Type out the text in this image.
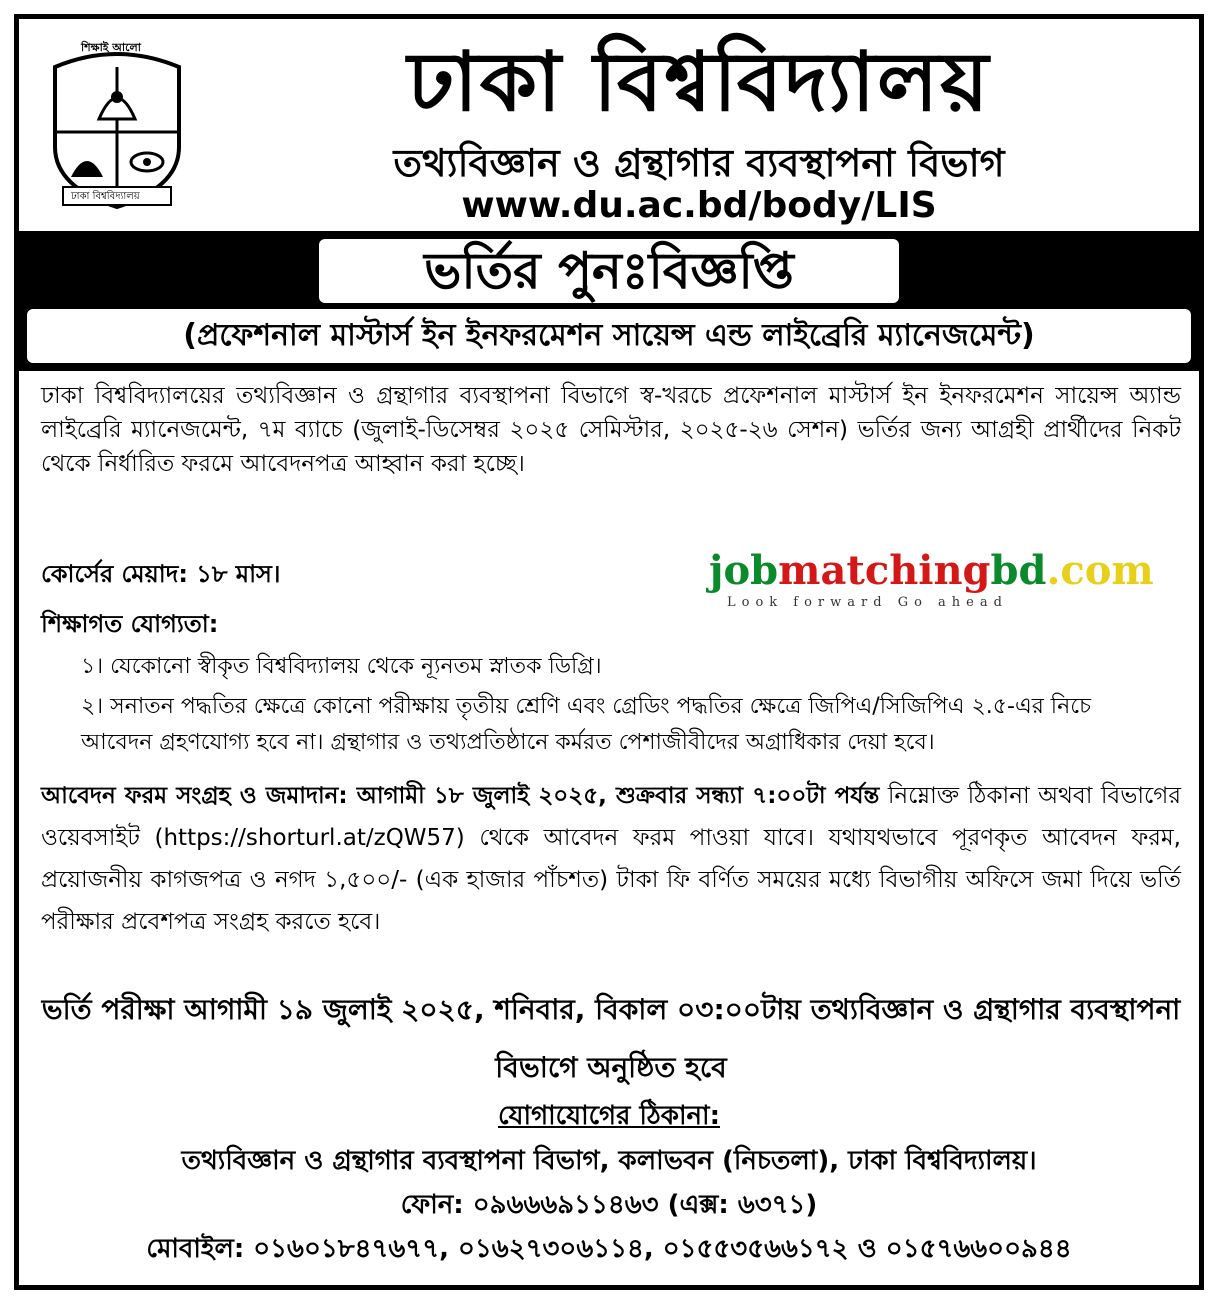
শিক্ষাই আলো
ঢাকা বিশ্ববিদ্যালয়
ঢাকা বিশ্ববিদ্যালয়
তথ্যবিজ্ঞান ও গ্রন্থাগার ব্যবস্থাপনা বিভাগ
www.du.ac.bd/body/LIS
ভর্তির পুনঃবিজ্ঞপ্তি
(প্রফেশনাল মাস্টার্স ইন ইনফরমেশন সায়েন্স এন্ড লাইব্রেরি ম্যানেজমেন্ট)
ঢাকা বিশ্ববিদ্যালয়ের তথ্যবিজ্ঞান ও গ্রন্থাগার ব্যবস্থাপনা বিভাগে স্ব-খরচে প্রফেশনাল মাস্টার্স ইন ইনফরমেশন সায়েন্স অ্যান্ড লাইব্রেরি ম্যানেজমেন্ট, ৭ম ব্যাচে (জুলাই-ডিসেম্বর ২০২৫ সেমিস্টার, ২০২৫-২৬ সেশন) ভর্তির জন্য আগ্রহী প্রার্থীদের নিকট থেকে নির্ধারিত ফরমে আবেদনপত্র আহ্বান করা হচ্ছে।
কোর্সের মেয়াদ: ১৮ মাস।	jobmatchingbd.com
Look forward Go ahead
শিক্ষাগত যোগ্যতা:
১। যেকোনো স্বীকৃত বিশ্ববিদ্যালয় থেকে ন্যূনতম স্নাতক ডিগ্রি।
২। সনাতন পদ্ধতির ক্ষেত্রে কোনো পরীক্ষায় তৃতীয় শ্রেণি এবং গ্রেডিং পদ্ধতির ক্ষেত্রে জিপিএ/সিজিপিএ ২.৫-এর নিচে আবেদন গ্রহণযোগ্য হবে না। গ্রন্থাগার ও তথ্যপ্রতিষ্ঠানে কর্মরত পেশাজীবীদের অগ্রাধিকার দেয়া হবে।
আবেদন ফরম সংগ্রহ ও জমাদান: আগামী ১৮ জুলাই ২০২৫, শুক্রবার সন্ধ্যা ৭:০০টা পর্যন্ত নিম্নোক্ত ঠিকানা অথবা বিভাগের ওয়েবসাইট (https://shorturl.at/zQW57) থেকে আবেদন ফরম পাওয়া যাবে। যথাযথভাবে পূরণকৃত আবেদন ফরম, প্রয়োজনীয় কাগজপত্র ও নগদ ১,৫০০/- (এক হাজার পাঁচশত) টাকা ফি বর্ণিত সময়ের মধ্যে বিভাগীয় অফিসে জমা দিয়ে ভর্তি পরীক্ষার প্রবেশপত্র সংগ্রহ করতে হবে।
ভর্তি পরীক্ষা আগামী ১৯ জুলাই ২০২৫, শনিবার, বিকাল ০৩:০০টায় তথ্যবিজ্ঞান ও গ্রন্থাগার ব্যবস্থাপনা বিভাগে অনুষ্ঠিত হবে
যোগাযোগের ঠিকানা:
তথ্যবিজ্ঞান ও গ্রন্থাগার ব্যবস্থাপনা বিভাগ, কলাভবন (নিচতলা), ঢাকা বিশ্ববিদ্যালয়।
ফোন: ০৯৬৬৬৯১১৪৬৩ (এক্স: ৬৩৭১)
মোবাইল: ০১৬০১৮৪৭৬৭৭, ০১৬২৭৩০৬১১৪, ০১৫৫৩৫৬৬১৭২ ও ০১৫৭৬৬০০৯৪৪
